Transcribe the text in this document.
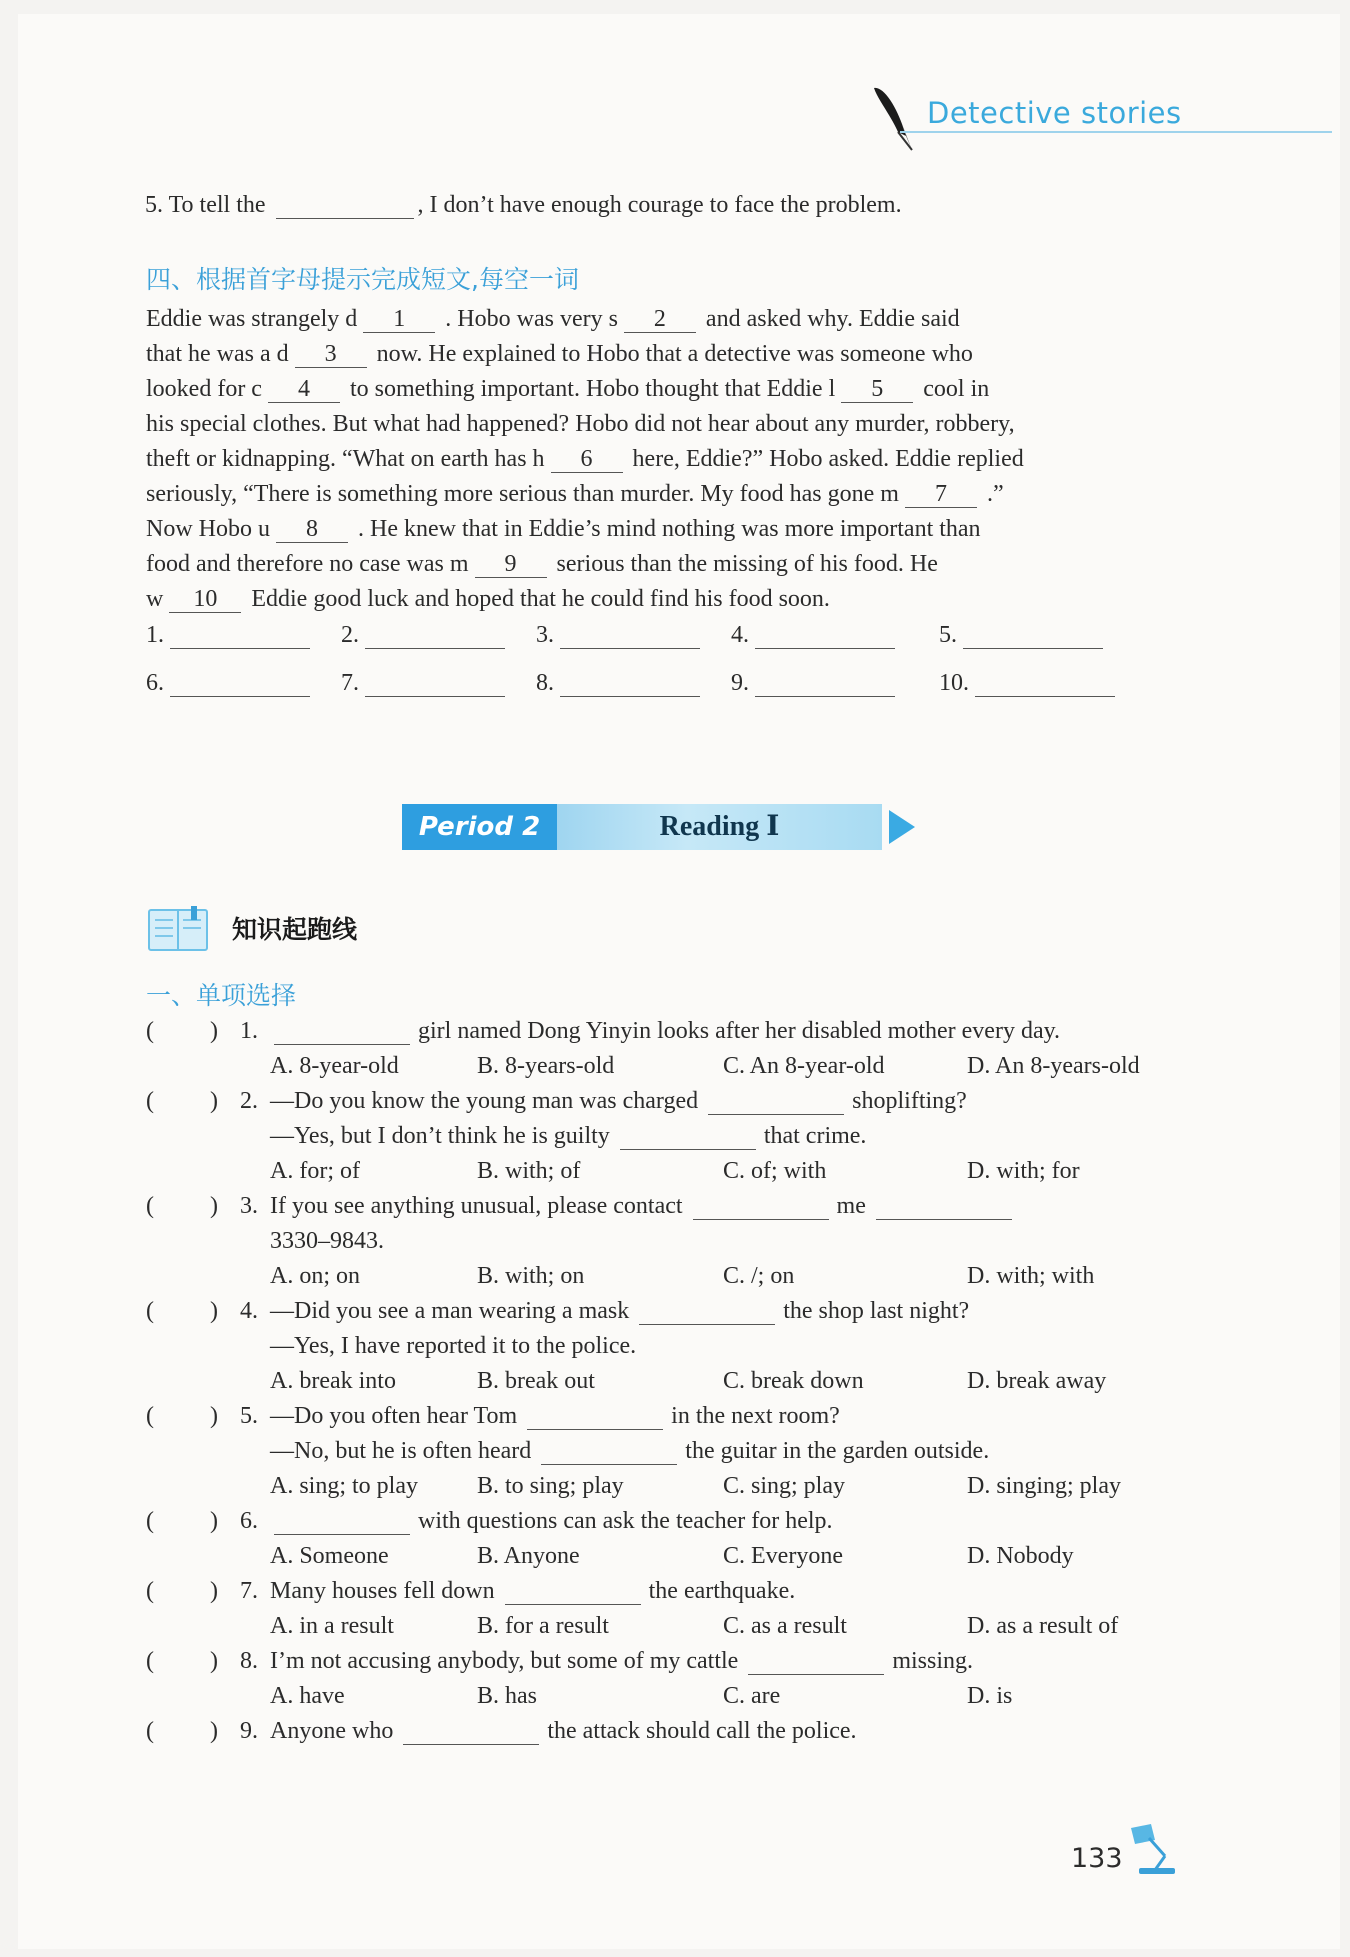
Detective stories
5. To tell the	, I don’t have enough courage to face the problem.
四、根据首字母提示完成短文,每空一词
Eddie was strangely d 1 . Hobo was very s 2 and asked why. Eddie said
that he was a d 3 now. He explained to Hobo that a detective was someone who
looked for c 4 to something important. Hobo thought that Eddie l 5 cool in
his special clothes. But what had happened? Hobo did not hear about any murder, robbery,
theft or kidnapping. “What on earth has h 6 here, Eddie?” Hobo asked. Eddie replied
seriously, “There is something more serious than murder. My food has gone m 7 .”
Now Hobo u 8 . He knew that in Eddie’s mind nothing was more important than
food and therefore no case was m 9 serious than the missing of his food. He
w 10 Eddie good luck and hoped that he could find his food soon.
1.	2.	3.	4.	5.
6.	7.	8.	9.	10.
Period 2	Reading Ⅰ
知识起跑线
一、单项选择
( ) 1.	girl named Dong Yinyin looks after her disabled mother every day.
A. 8-year-old	B. 8-years-old	C. An 8-year-old	D. An 8-years-old
( ) 2. —Do you know the young man was charged	shoplifting?
—Yes, but I don’t think he is guilty	that crime.
A. for; of	B. with; of	C. of; with	D. with; for
( ) 3. If you see anything unusual, please contact	me
3330–9843.
A. on; on	B. with; on	C. /; on	D. with; with
( ) 4. —Did you see a man wearing a mask	the shop last night?
—Yes, I have reported it to the police.
A. break into	B. break out	C. break down	D. break away
( ) 5. —Do you often hear Tom	in the next room?
—No, but he is often heard	the guitar in the garden outside.
A. sing; to play B. to sing; play	C. sing; play	D. singing; play
( ) 6.	with questions can ask the teacher for help.
A. Someone	B. Anyone	C. Everyone	D. Nobody
( ) 7. Many houses fell down	the earthquake.
A. in a result	B. for a result	C. as a result	D. as a result of
( ) 8. I’m not accusing anybody, but some of my cattle	missing.
A. have	B. has	C. are	D. is
( ) 9. Anyone who	the attack should call the police.
133
